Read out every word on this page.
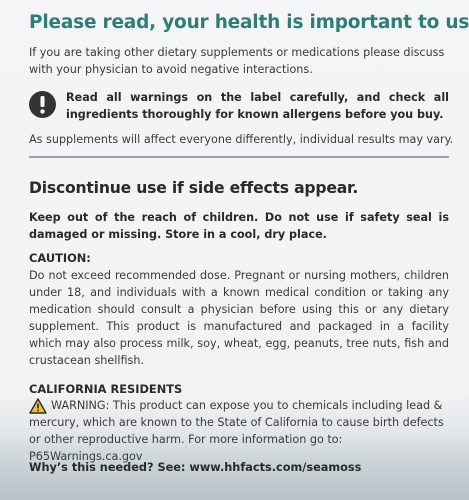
Please read, your health is important to us
If you are taking other dietary supplements or medications please discuss with your physician to avoid negative interactions.
Read all warnings on the label carefully, and check all ingredients thoroughly for known allergens before you buy.
As supplements will affect everyone differently, individual results may vary.
Discontinue use if side effects appear.
Keep out of the reach of children. Do not use if safety seal is damaged or missing. Store in a cool, dry place.
CAUTION:
Do not exceed recommended dose. Pregnant or nursing mothers, children under 18, and individuals with a known medical condition or taking any medication should consult a physician before using this or any dietary supplement. This product is manufactured and packaged in a facility which may also process milk, soy, wheat, egg, peanuts, tree nuts, fish and crustacean shellfish.
CALIFORNIA RESIDENTS
WARNING: This product can expose you to chemicals including lead & mercury, which are known to the State of California to cause birth defects or other reproductive harm. For more information go to: P65Warnings.ca.gov
Why’s this needed? See: www.hhfacts.com/seamoss
